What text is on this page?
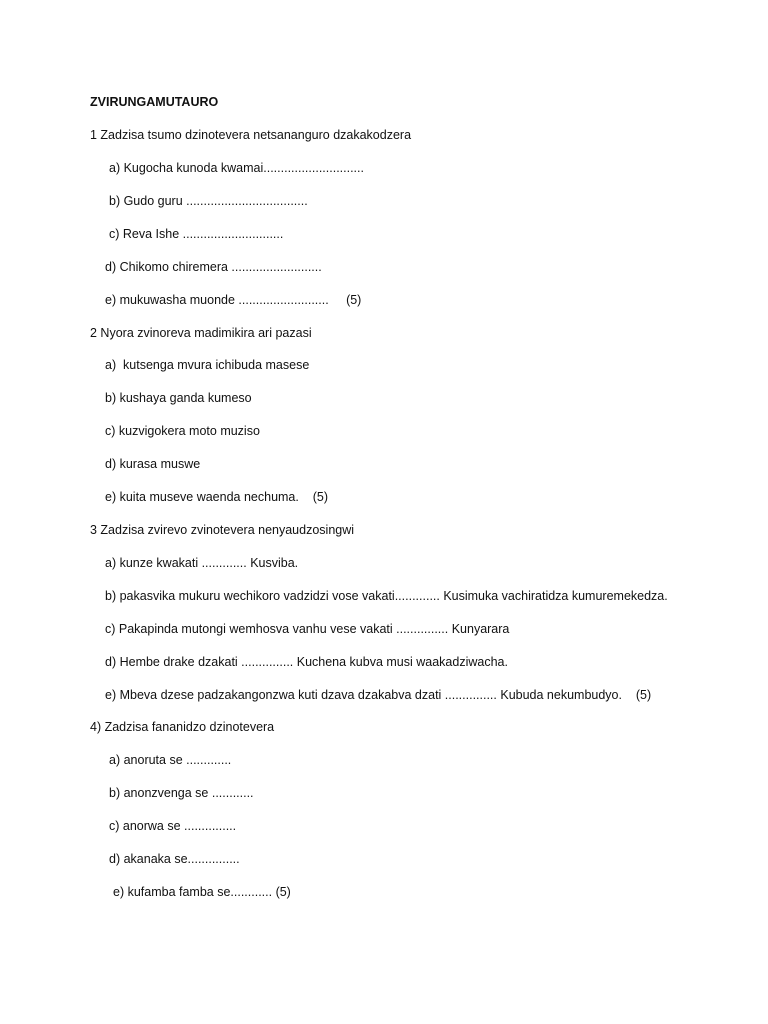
ZVIRUNGAMUTAURO
1 Zadzisa tsumo dzinotevera netsananguro dzakakodzera
a) Kugocha kunoda kwamai.............................
b) Gudo guru ...................................
c) Reva Ishe .............................
d) Chikomo chiremera ..........................
e) mukuwasha muonde ..........................     (5)
2 Nyora zvinoreva madimikira ari pazasi
a)  kutsenga mvura ichibuda masese
b) kushaya ganda kumeso
c) kuzvigokera moto muziso
d) kurasa muswe
e) kuita museve waenda nechuma.    (5)
3 Zadzisa zvirevo zvinotevera nenyaudzosingwi
a) kunze kwakati ............. Kusviba.
b) pakasvika mukuru wechikoro vadzidzi vose vakati............. Kusimuka vachiratidza kumuremekedza.
c) Pakapinda mutongi wemhosva vanhu vese vakati ............... Kunyarara
d) Hembe drake dzakati ............... Kuchena kubva musi waakadziwacha.
e) Mbeva dzese padzakangonzwa kuti dzava dzakabva dzati ............... Kubuda nekumbudyo.    (5)
4) Zadzisa fananidzo dzinotevera
a) anoruta se .............
b) anonzvenga se ............
c) anorwa se ...............
d) akanaka se...............
e) kufamba famba se............ (5)
